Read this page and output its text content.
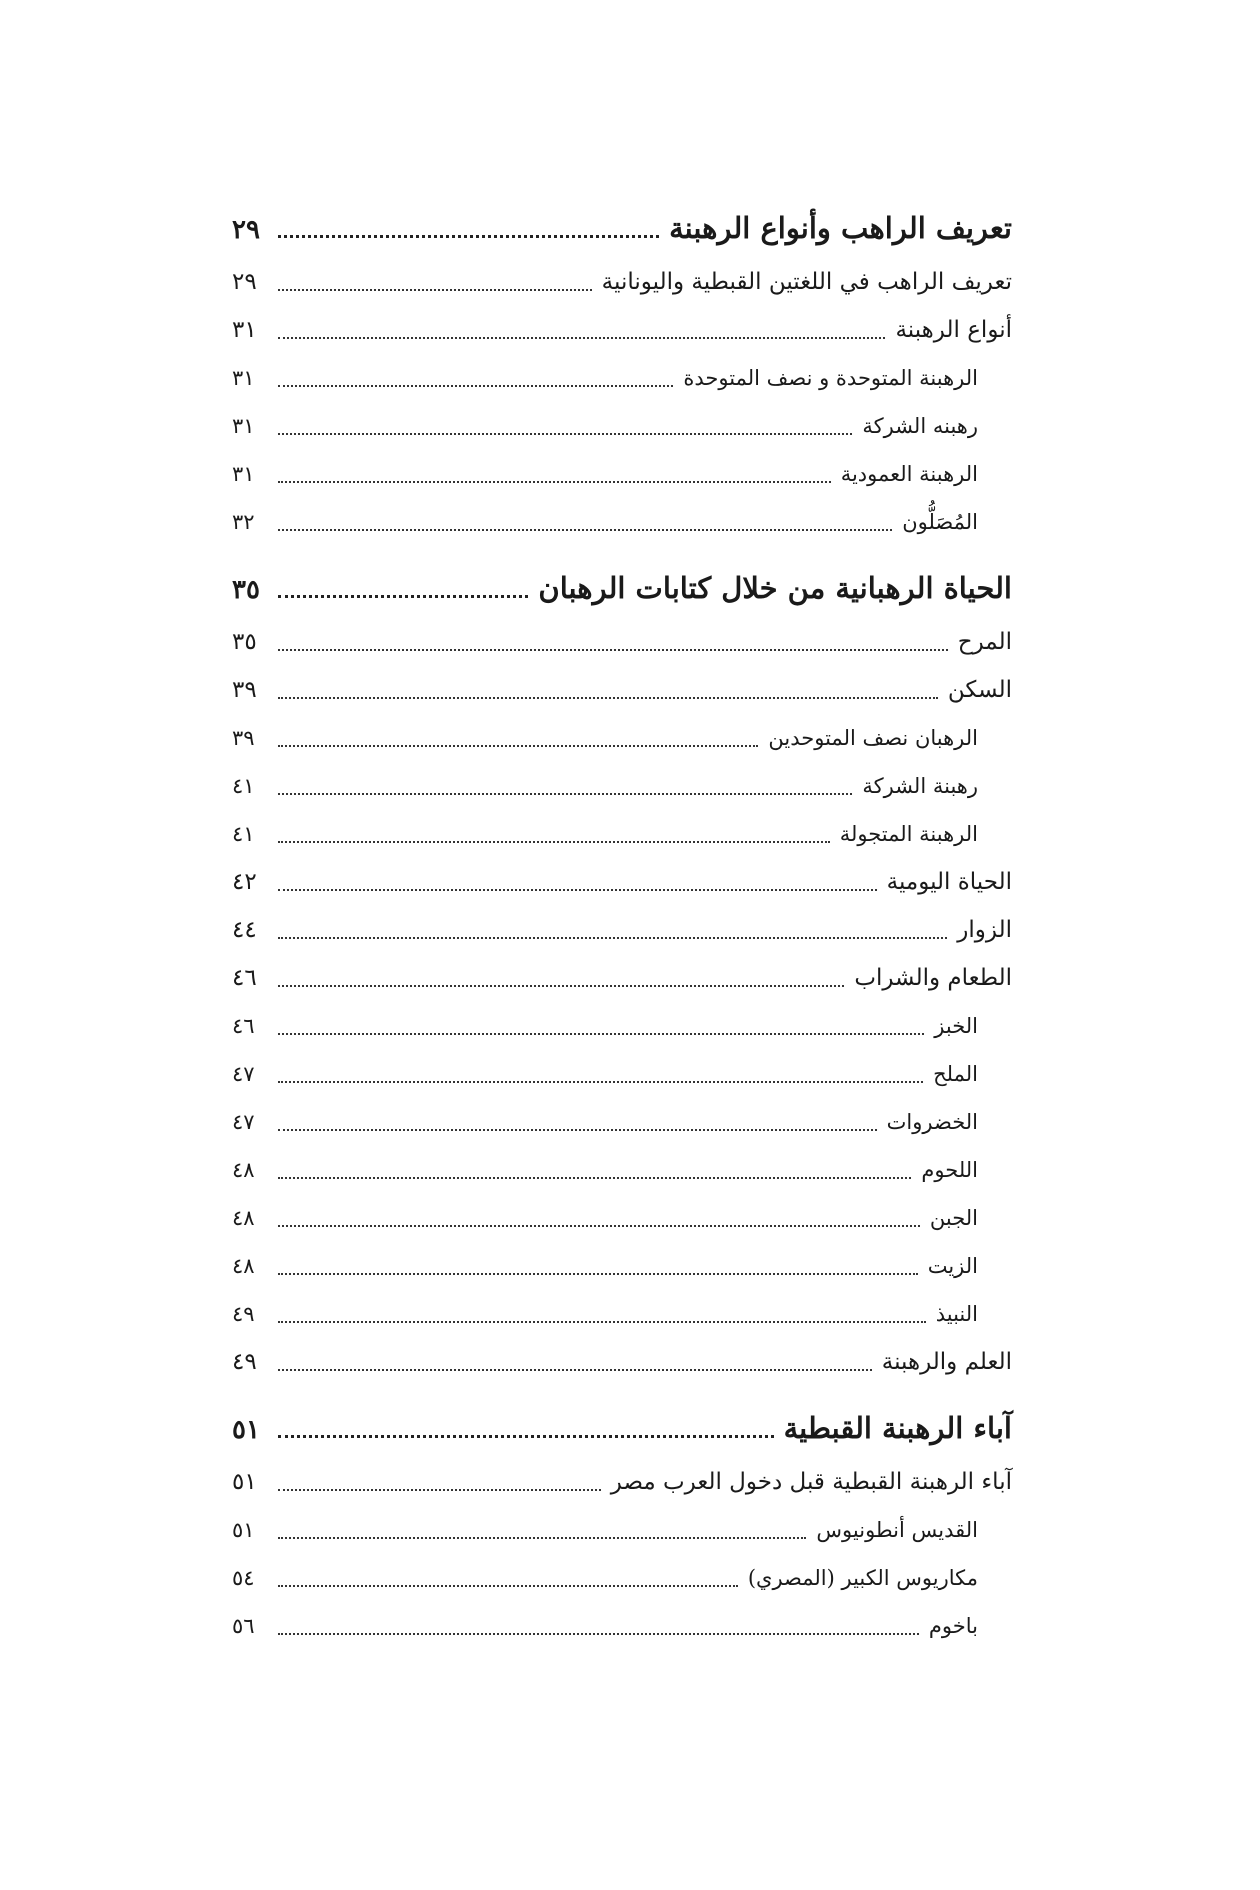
تعريف الراهب وأنواع الرهبنة
٢٩
تعريف الراهب في اللغتين القبطية واليونانية
٢٩
أنواع الرهبنة
٣١
الرهبنة المتوحدة و نصف المتوحدة
٣١
رهبنه الشركة
٣١
الرهبنة العمودية
٣١
المُصَلُّون
٣٢
الحياة الرهبانية من خلال كتابات الرهبان
٣٥
المرح
٣٥
السكن
٣٩
الرهبان نصف المتوحدين
٣٩
رهبنة الشركة
٤١
الرهبنة المتجولة
٤١
الحياة اليومية
٤٢
الزوار
٤٤
الطعام والشراب
٤٦
الخبز
٤٦
الملح
٤٧
الخضروات
٤٧
اللحوم
٤٨
الجبن
٤٨
الزيت
٤٨
النبيذ
٤٩
العلم والرهبنة
٤٩
آباء الرهبنة القبطية
٥١
آباء الرهبنة القبطية قبل دخول العرب مصر
٥١
القديس أنطونيوس
٥١
مكاريوس الكبير (المصري)
٥٤
باخوم
٥٦
